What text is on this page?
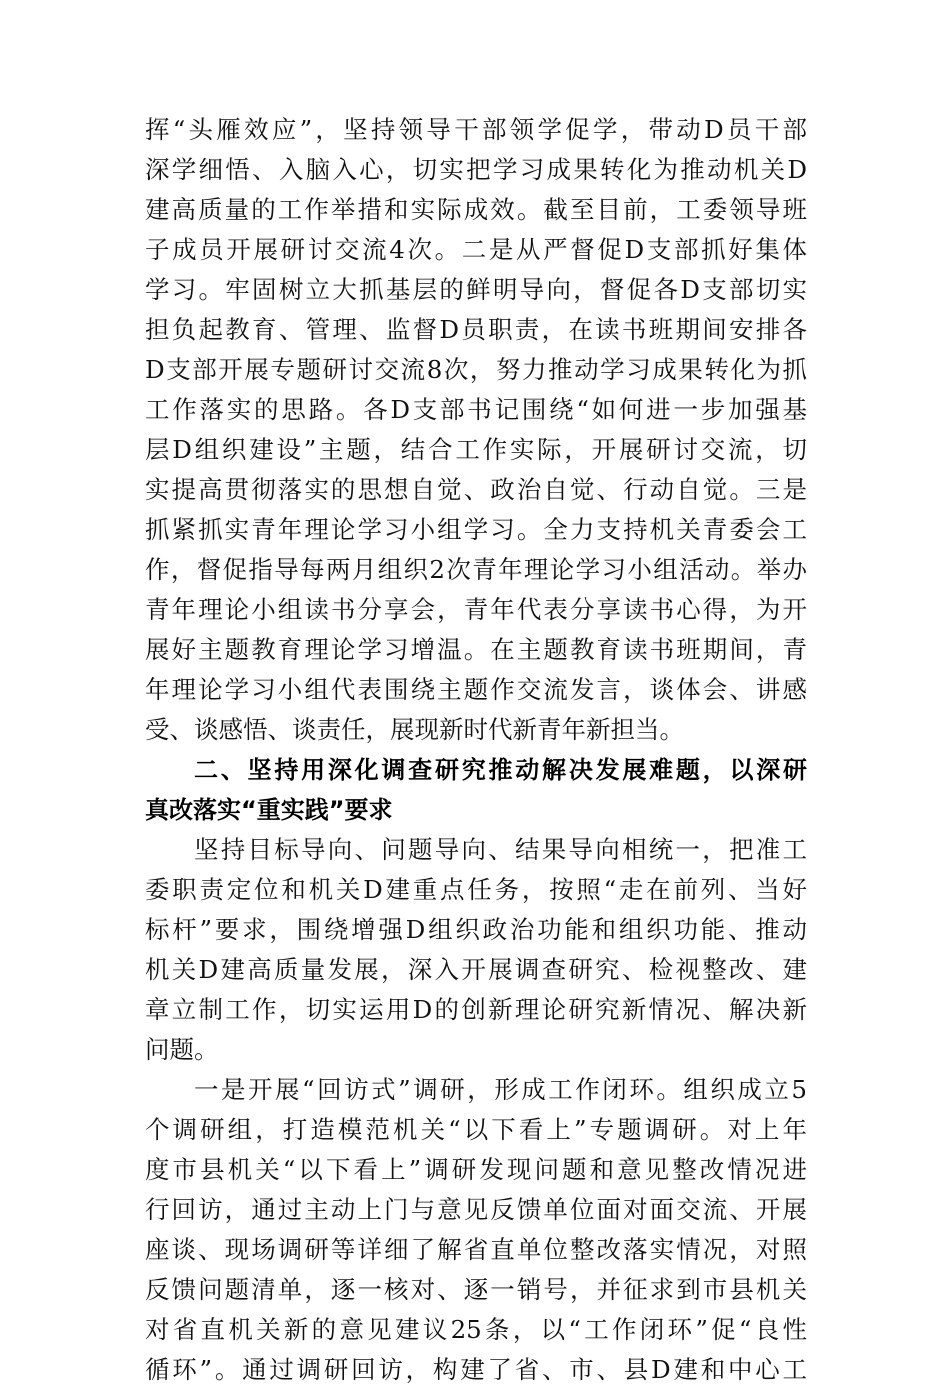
挥“头雁效应”，坚持领导干部领学促学，带动D员干部
深学细悟、入脑入心，切实把学习成果转化为推动机关D
建高质量的工作举措和实际成效。截至目前，工委领导班
子成员开展研讨交流4次。二是从严督促D支部抓好集体
学习。牢固树立大抓基层的鲜明导向，督促各D支部切实
担负起教育、管理、监督D员职责，在读书班期间安排各
D支部开展专题研讨交流8次，努力推动学习成果转化为抓
工作落实的思路。各D支部书记围绕“如何进一步加强基
层D组织建设”主题，结合工作实际，开展研讨交流，切
实提高贯彻落实的思想自觉、政治自觉、行动自觉。三是
抓紧抓实青年理论学习小组学习。全力支持机关青委会工
作，督促指导每两月组织2次青年理论学习小组活动。举办
青年理论小组读书分享会，青年代表分享读书心得，为开
展好主题教育理论学习增温。在主题教育读书班期间，青
年理论学习小组代表围绕主题作交流发言，谈体会、讲感
受、谈感悟、谈责任，展现新时代新青年新担当。
二、坚持用深化调查研究推动解决发展难题，以深研
真改落实“重实践”要求
坚持目标导向、问题导向、结果导向相统一，把准工
委职责定位和机关D建重点任务，按照“走在前列、当好
标杆”要求，围绕增强D组织政治功能和组织功能、推动
机关D建高质量发展，深入开展调查研究、检视整改、建
章立制工作，切实运用D的创新理论研究新情况、解决新
问题。
一是开展“回访式”调研，形成工作闭环。组织成立5
个调研组，打造模范机关“以下看上”专题调研。对上年
度市县机关“以下看上”调研发现问题和意见整改情况进
行回访，通过主动上门与意见反馈单位面对面交流、开展
座谈、现场调研等详细了解省直单位整改落实情况，对照
反馈问题清单，逐一核对、逐一销号，并征求到市县机关
对省直机关新的意见建议25条，以“工作闭环”促“良性
循环”。通过调研回访，构建了省、市、县D建和中心工
